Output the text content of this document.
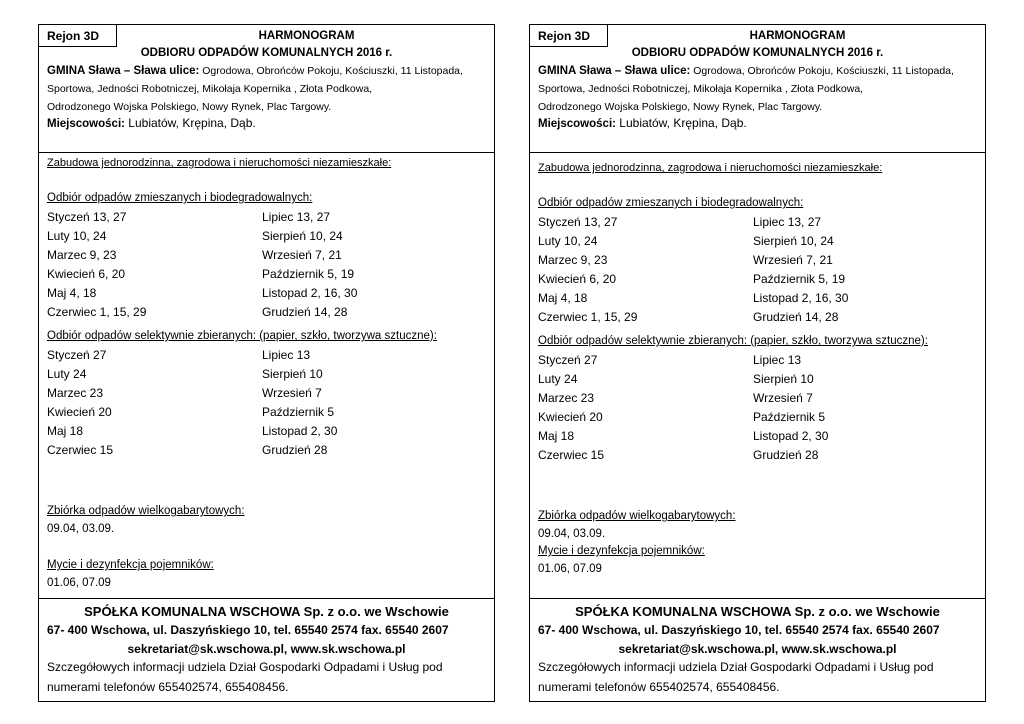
Rejon 3D	HARMONOGRAM
ODBIORU ODPADÓW KOMUNALNYCH 2016 r.
GMINA Sława – Sława ulice: Ogrodowa, Obrońców Pokoju, Kościuszki, 11 Listopada,
Sportowa, Jedności Robotniczej, Mikołaja Kopernika , Złota Podkowa,
Odrodzonego Wojska Polskiego, Nowy Rynek, Plac Targowy.
Miejscowości: Lubiatów, Krępina, Dąb.
Zabudowa jednorodzinna, zagrodowa i nieruchomości niezamieszkałe:
Odbiór odpadów zmieszanych i biodegradowalnych:
Styczeń 13, 27	Lipiec 13, 27
Luty 10, 24	Sierpień 10, 24
Marzec 9, 23	Wrzesień 7, 21
Kwiecień 6, 20	Październik 5, 19
Maj 4, 18	Listopad 2, 16, 30
Czerwiec 1, 15, 29	Grudzień 14, 28
Odbiór odpadów selektywnie zbieranych: (papier, szkło, tworzywa sztuczne):
Styczeń 27	Lipiec 13
Luty 24	Sierpień 10
Marzec 23	Wrzesień 7
Kwiecień 20	Październik 5
Maj 18	Listopad 2, 30
Czerwiec 15	Grudzień 28
Zbiórka odpadów wielkogabarytowych:
09.04, 03.09.
Mycie i dezynfekcja pojemników:
01.06, 07.09
SPÓŁKA KOMUNALNA WSCHOWA Sp. z o.o. we Wschowie
67- 400 Wschowa, ul. Daszyńskiego 10, tel. 65540 2574 fax. 65540 2607
sekretariat@sk.wschowa.pl, www.sk.wschowa.pl
Szczegółowych informacji udziela Dział Gospodarki Odpadami i Usług pod
numerami telefonów 655402574, 655408456.
Rejon 3D	HARMONOGRAM
ODBIORU ODPADÓW KOMUNALNYCH 2016 r.
GMINA Sława – Sława ulice: Ogrodowa, Obrońców Pokoju, Kościuszki, 11 Listopada,
Sportowa, Jedności Robotniczej, Mikołaja Kopernika , Złota Podkowa,
Odrodzonego Wojska Polskiego, Nowy Rynek, Plac Targowy.
Miejscowości: Lubiatów, Krępina, Dąb.
Zabudowa jednorodzinna, zagrodowa i nieruchomości niezamieszkałe:
Odbiór odpadów zmieszanych i biodegradowalnych:
Styczeń 13, 27	Lipiec 13, 27
Luty 10, 24	Sierpień 10, 24
Marzec 9, 23	Wrzesień 7, 21
Kwiecień 6, 20	Październik 5, 19
Maj 4, 18	Listopad 2, 16, 30
Czerwiec 1, 15, 29	Grudzień 14, 28
Odbiór odpadów selektywnie zbieranych: (papier, szkło, tworzywa sztuczne):
Styczeń 27	Lipiec 13
Luty 24	Sierpień 10
Marzec 23	Wrzesień 7
Kwiecień 20	Październik 5
Maj 18	Listopad 2, 30
Czerwiec 15	Grudzień 28
Zbiórka odpadów wielkogabarytowych:
09.04, 03.09.
Mycie i dezynfekcja pojemników:
01.06, 07.09
SPÓŁKA KOMUNALNA WSCHOWA Sp. z o.o. we Wschowie
67- 400 Wschowa, ul. Daszyńskiego 10, tel. 65540 2574 fax. 65540 2607
sekretariat@sk.wschowa.pl, www.sk.wschowa.pl
Szczegółowych informacji udziela Dział Gospodarki Odpadami i Usług pod
numerami telefonów 655402574, 655408456.
